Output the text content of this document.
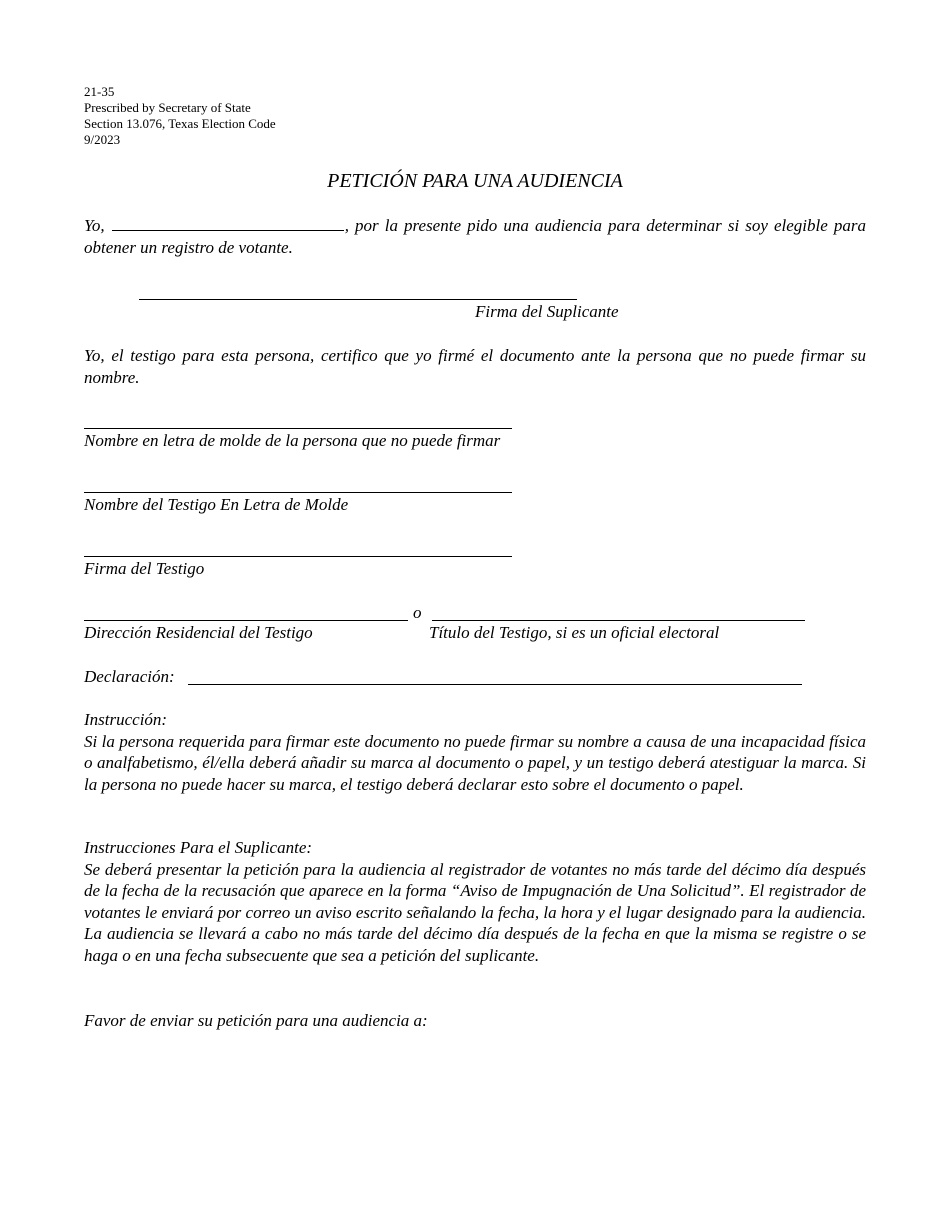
21-35
Prescribed by Secretary of State
Section 13.076, Texas Election Code
9/2023
PETICIÓN PARA UNA AUDIENCIA
Yo,	, por la presente pido una audiencia para determinar si soy elegible para obtener un registro de votante.
Firma del Suplicante
Yo, el testigo para esta persona, certifico que yo firmé el documento ante la persona que no puede firmar su nombre.
Nombre en letra de molde de la persona que no puede firmar
Nombre del Testigo En Letra de Molde
Firma del Testigo
o
Dirección Residencial del Testigo	Título del Testigo, si es un oficial electoral
Declaración:
Instrucción:
Si la persona requerida para firmar este documento no puede firmar su nombre a causa de una incapacidad física o analfabetismo, él/ella deberá añadir su marca al documento o papel, y un testigo deberá atestiguar la marca. Si la persona no puede hacer su marca, el testigo deberá declarar esto sobre el documento o papel.
Instrucciones Para el Suplicante:
Se deberá presentar la petición para la audiencia al registrador de votantes no más tarde del décimo día después de la fecha de la recusación que aparece en la forma “Aviso de Impugnación de Una Solicitud”. El registrador de votantes le enviará por correo un aviso escrito señalando la fecha, la hora y el lugar designado para la audiencia. La audiencia se llevará a cabo no más tarde del décimo día después de la fecha en que la misma se registre o se haga o en una fecha subsecuente que sea a petición del suplicante.
Favor de enviar su petición para una audiencia a:
